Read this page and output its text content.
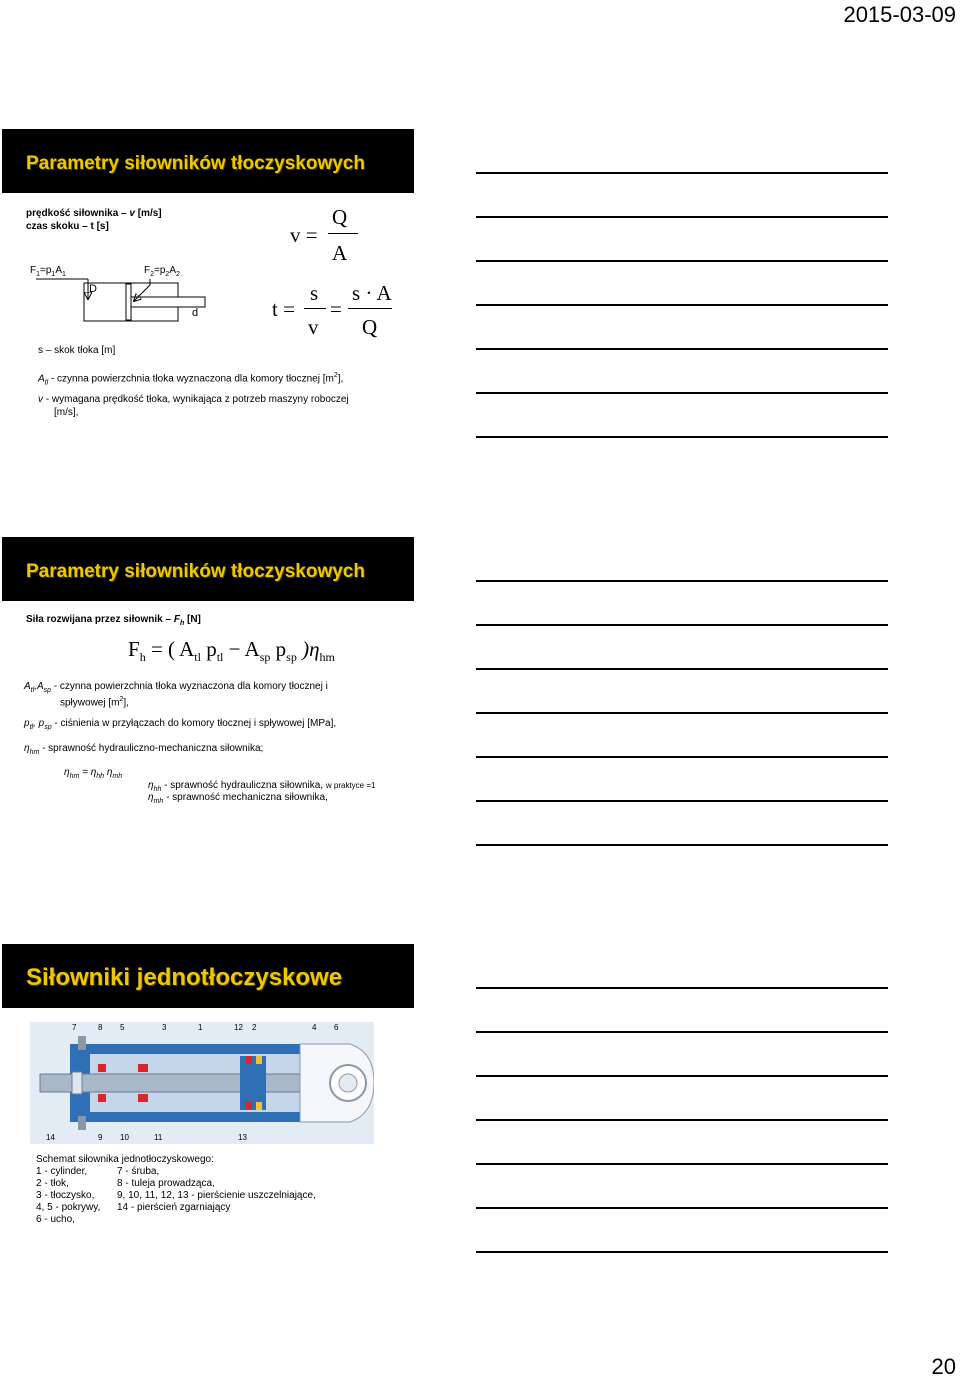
2015-03-09
Parametry siłowników tłoczyskowych
prędkość siłownika – v [m/s]
czas skoku – t [s]
$F_1=p_1A_1$	$F_2=p_2A_2$
D
d
v =
Q
A
t =
s
v
=
s · A
Q
s – skok tłoka [m]
$A_{tl}$ - czynna powierzchnia tłoka wyznaczona dla komory tłocznej $[m^2]$,
v - wymagana prędkość tłoka, wynikająca z potrzeb maszyny roboczej
[m/s],
Parametry siłowników tłoczyskowych
Siła rozwijana przez siłownik – $F_h$ [N]
$F_h$ = ( $A_{tl}$ $p_{tl} - A_{sp}$ $p_{sp}$ )$\eta_{hm}$
$A_{tl},A_{sp}$ - czynna powierzchnia tłoka wyznaczona dla komory tłocznej i
spływowej $[m^2]$,
$p_{tl}$, $p_{sp}$ - ciśnienia w przyłączach do komory tłocznej i spływowej [MPa],
$\eta_{hm}$ - sprawność hydrauliczno-mechaniczna siłownika;
$\eta_{hm} = \eta_{hh}$ $\eta_{mh}$
$\eta_{hh}$ - sprawność hydrauliczna siłownika, w praktyce =1
$\eta_{mh}$ - sprawność mechaniczna siłownika,
Siłowniki jednotłoczyskowe
7	8 5	3	1	12 2	4 6
14	9 10	11	13
Schemat siłownika jednotłoczyskowego:
1 - cylinder,
2 - tłok,
3 - tłoczysko,
4, 5 - pokrywy,
6 - ucho,
7 - śruba,
8 - tuleja prowadząca,
9, 10, 11, 12, 13 - pierścienie uszczelniające,
14 - pierścień zgarniający
20
